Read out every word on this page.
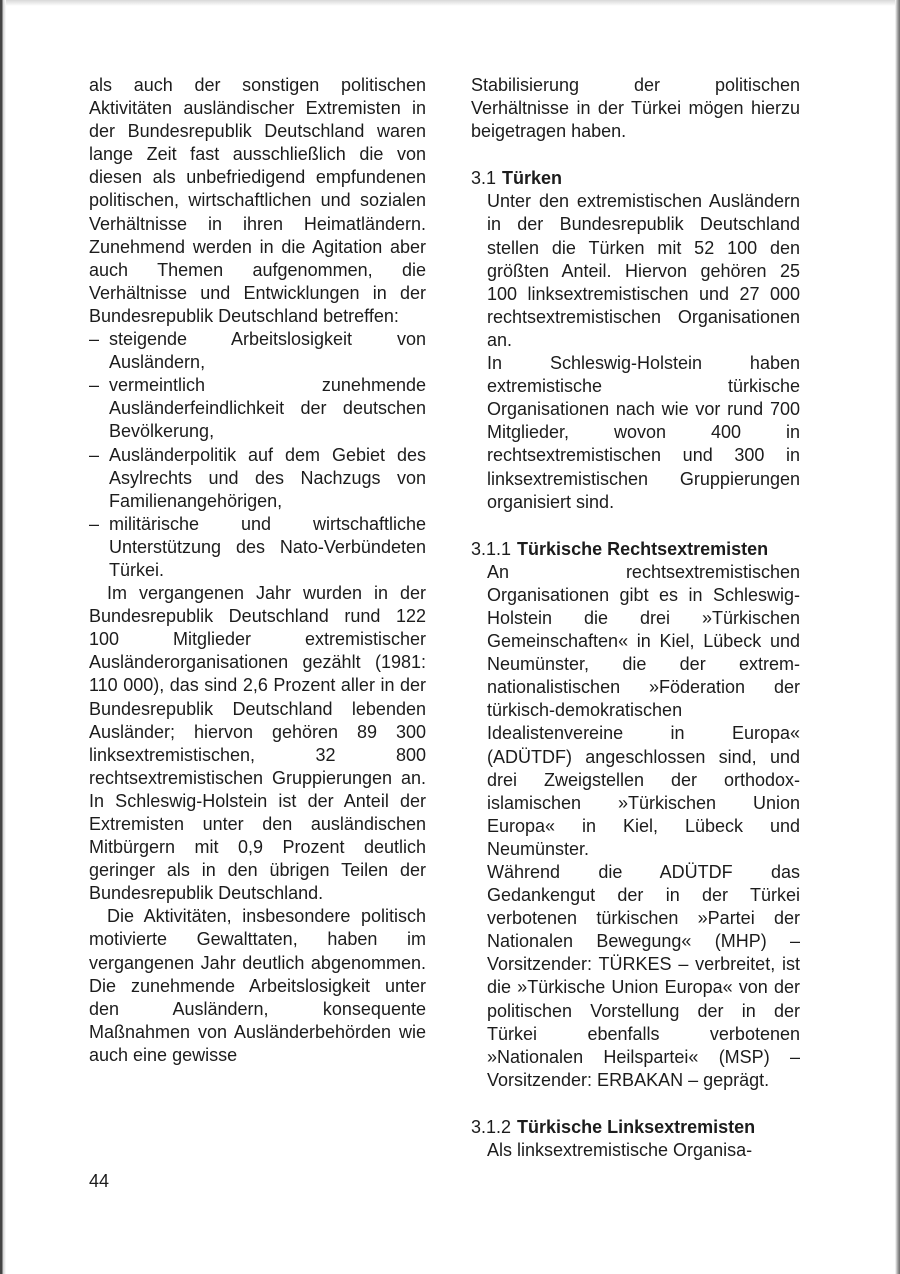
als auch der sonstigen politischen Aktivitäten ausländischer Extremisten in der Bundesrepublik Deutschland waren lange Zeit fast ausschließlich die von diesen als unbefriedigend empfundenen politischen, wirtschaftlichen und sozialen Verhältnisse in ihren Heimatländern. Zunehmend werden in die Agitation aber auch Themen aufgenommen, die Verhältnisse und Entwicklungen in der Bundesrepublik Deutschland betreffen:

– steigende Arbeitslosigkeit von Ausländern,
– vermeintlich zunehmende Ausländerfeindlichkeit der deutschen Bevölkerung,
– Ausländerpolitik auf dem Gebiet des Asylrechts und des Nachzugs von Familienangehörigen,
– militärische und wirtschaftliche Unterstützung des Nato-Verbündeten Türkei.

Im vergangenen Jahr wurden in der Bundesrepublik Deutschland rund 122 100 Mitglieder extremistischer Ausländerorganisationen gezählt (1981: 110 000), das sind 2,6 Prozent aller in der Bundesrepublik Deutschland lebenden Ausländer; hiervon gehören 89 300 linksextremistischen, 32 800 rechtsextremistischen Gruppierungen an. In Schleswig-Holstein ist der Anteil der Extremisten unter den ausländischen Mitbürgern mit 0,9 Prozent deutlich geringer als in den übrigen Teilen der Bundesrepublik Deutschland.

Die Aktivitäten, insbesondere politisch motivierte Gewalttaten, haben im vergangenen Jahr deutlich abgenommen. Die zunehmende Arbeitslosigkeit unter den Ausländern, konsequente Maßnahmen von Ausländerbehörden wie auch eine gewisse

Stabilisierung der politischen Verhältnisse in der Türkei mögen hierzu beigetragen haben.

3.1 Türken

Unter den extremistischen Ausländern in der Bundesrepublik Deutschland stellen die Türken mit 52 100 den größten Anteil. Hiervon gehören 25 100 linksextremistischen und 27 000 rechtsextremistischen Organisationen an.

In Schleswig-Holstein haben extremistische türkische Organisationen nach wie vor rund 700 Mitglieder, wovon 400 in rechtsextremistischen und 300 in linksextremistischen Gruppierungen organisiert sind.

3.1.1 Türkische Rechtsextremisten

An rechtsextremistischen Organisationen gibt es in Schleswig-Holstein die drei »Türkischen Gemeinschaften« in Kiel, Lübeck und Neumünster, die der extrem-nationalistischen »Föderation der türkisch-demokratischen Idealistenvereine in Europa« (ADÜTDF) angeschlossen sind, und drei Zweigstellen der orthodox-islamischen »Türkischen Union Europa« in Kiel, Lübeck und Neumünster.

Während die ADÜTDF das Gedankengut der in der Türkei verbotenen türkischen »Partei der Nationalen Bewegung« (MHP) – Vorsitzender: TÜRKES – verbreitet, ist die »Türkische Union Europa« von der politischen Vorstellung der in der Türkei ebenfalls verbotenen »Nationalen Heilspartei« (MSP) – Vorsitzender: ERBAKAN – geprägt.

3.1.2 Türkische Linksextremisten

Als linksextremistische Organisa-

44
